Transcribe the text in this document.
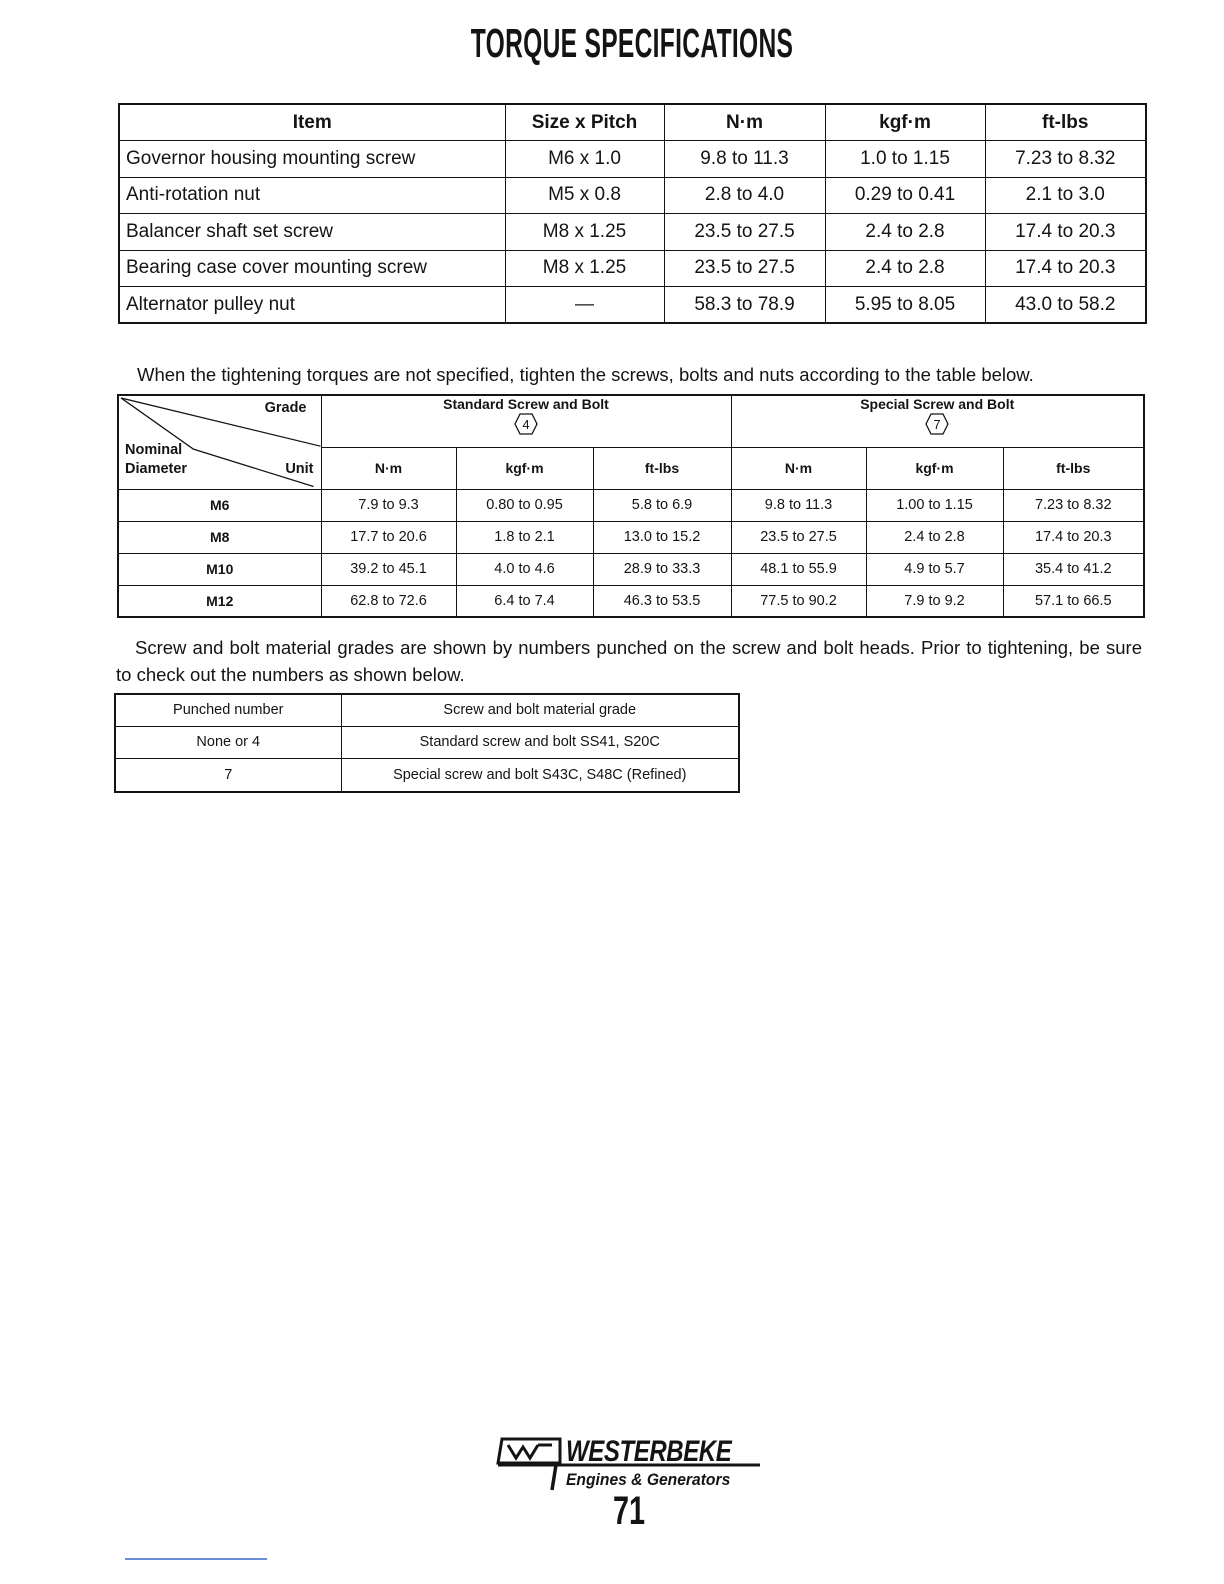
TORQUE SPECIFICATIONS
Item	Size x Pitch	N·m	kgf·m	ft-lbs
Governor housing mounting screw	M6 x 1.0	9.8 to 11.3	1.0 to 1.15	7.23 to 8.32
Anti-rotation nut	M5 x 0.8	2.8 to 4.0	0.29 to 0.41	2.1 to 3.0
Balancer shaft set screw	M8 x 1.25	23.5 to 27.5	2.4 to 2.8	17.4 to 20.3
Bearing case cover mounting screw	M8 x 1.25	23.5 to 27.5	2.4 to 2.8	17.4 to 20.3
Alternator pulley nut	—	58.3 to 78.9	5.95 to 8.05	43.0 to 58.2
When the tightening torques are not specified, tighten the screws, bolts and nuts according to the table below.
Grade
Nominal
Diameter Unit	Standard Screw and Bolt
4			Special Screw and Bolt
7		

	N·m	kgf·m	ft-lbs	N·m	kgf·m	ft-lbs
M6	7.9 to 9.3	0.80 to 0.95	5.8 to 6.9	9.8 to 11.3	1.00 to 1.15	7.23 to 8.32
M8	17.7 to 20.6	1.8 to 2.1	13.0 to 15.2	23.5 to 27.5	2.4 to 2.8	17.4 to 20.3
M10	39.2 to 45.1	4.0 to 4.6	28.9 to 33.3	48.1 to 55.9	4.9 to 5.7	35.4 to 41.2
M12	62.8 to 72.6	6.4 to 7.4	46.3 to 53.5	77.5 to 90.2	7.9 to 9.2	57.1 to 66.5
Screw and bolt material grades are shown by numbers punched on the screw and bolt heads. Prior to tightening, be sure to check out the numbers as shown below.
Punched number	Screw and bolt material grade
None or 4	Standard screw and bolt SS41, S20C
7	Special screw and bolt S43C, S48C (Refined)
WESTERBEKE
Engines & Generators
71
